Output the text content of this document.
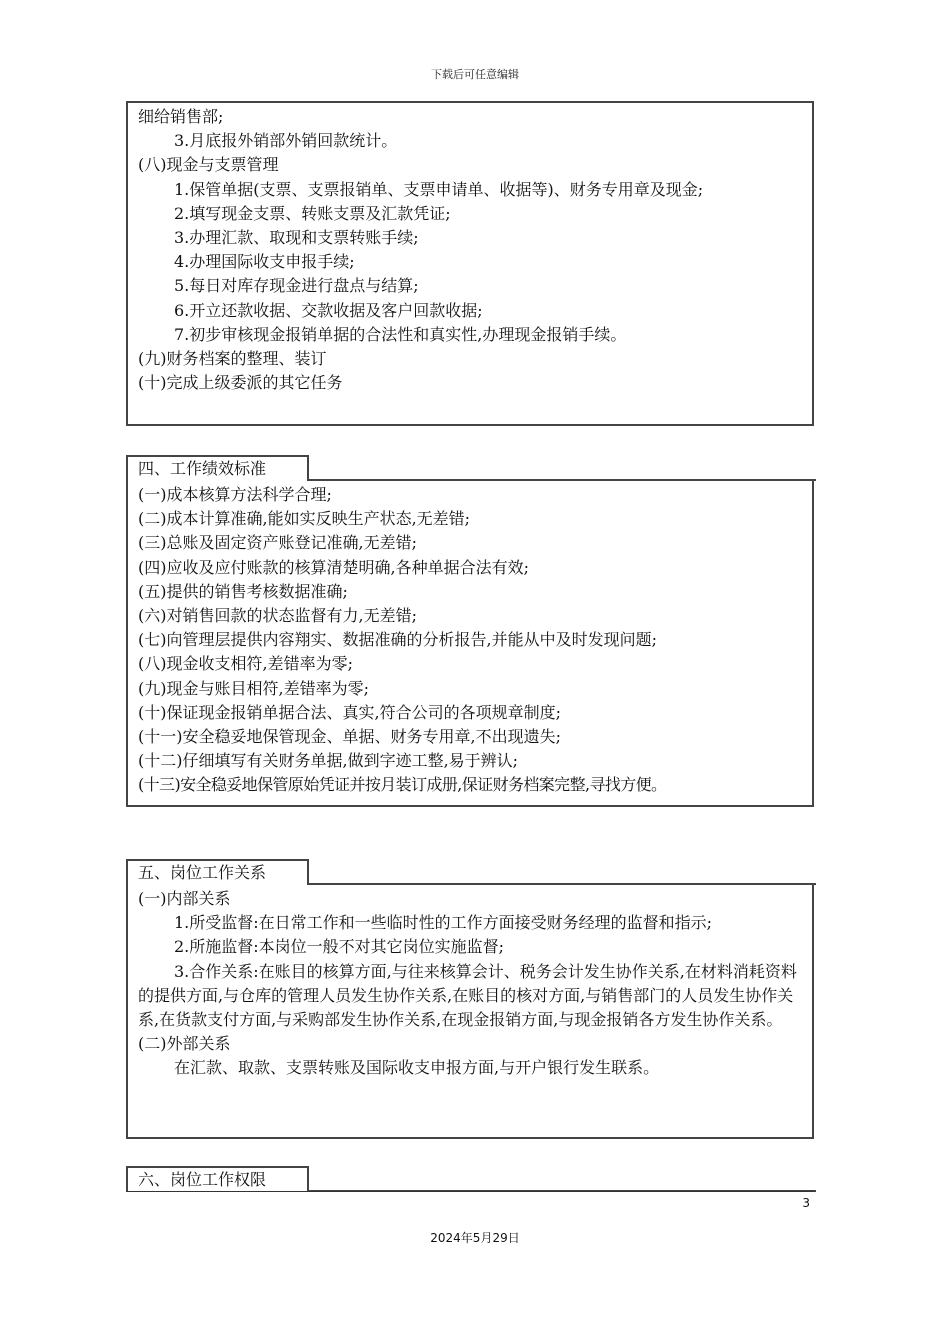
下载后可任意编辑
细给销售部;
3.月底报外销部外销回款统计。
(八)现金与支票管理
1.保管单据(支票、支票报销单、支票申请单、收据等)、财务专用章及现金;
2.填写现金支票、转账支票及汇款凭证;
3.办理汇款、取现和支票转账手续;
4.办理国际收支申报手续;
5.每日对库存现金进行盘点与结算;
6.开立还款收据、交款收据及客户回款收据;
7.初步审核现金报销单据的合法性和真实性,办理现金报销手续。
(九)财务档案的整理、装订
(十)完成上级委派的其它任务
四、工作绩效标准
(一)成本核算方法科学合理;
(二)成本计算准确,能如实反映生产状态,无差错;
(三)总账及固定资产账登记准确,无差错;
(四)应收及应付账款的核算清楚明确,各种单据合法有效;
(五)提供的销售考核数据准确;
(六)对销售回款的状态监督有力,无差错;
(七)向管理层提供内容翔实、数据准确的分析报告,并能从中及时发现问题;
(八)现金收支相符,差错率为零;
(九)现金与账目相符,差错率为零;
(十)保证现金报销单据合法、真实,符合公司的各项规章制度;
(十一)安全稳妥地保管现金、单据、财务专用章,不出现遗失;
(十二)仔细填写有关财务单据,做到字迹工整,易于辨认;
(十三)安全稳妥地保管原始凭证并按月装订成册,保证财务档案完整,寻找方便。
五、岗位工作关系
(一)内部关系
1.所受监督:在日常工作和一些临时性的工作方面接受财务经理的监督和指示;
2.所施监督:本岗位一般不对其它岗位实施监督;
3.合作关系:在账目的核算方面,与往来核算会计、税务会计发生协作关系,在材料消耗资料的提供方面,与仓库的管理人员发生协作关系,在账目的核对方面,与销售部门的人员发生协作关系,在货款支付方面,与采购部发生协作关系,在现金报销方面,与现金报销各方发生协作关系。
(二)外部关系
在汇款、取款、支票转账及国际收支申报方面,与开户银行发生联系。
六、岗位工作权限
3
2024年5月29日
